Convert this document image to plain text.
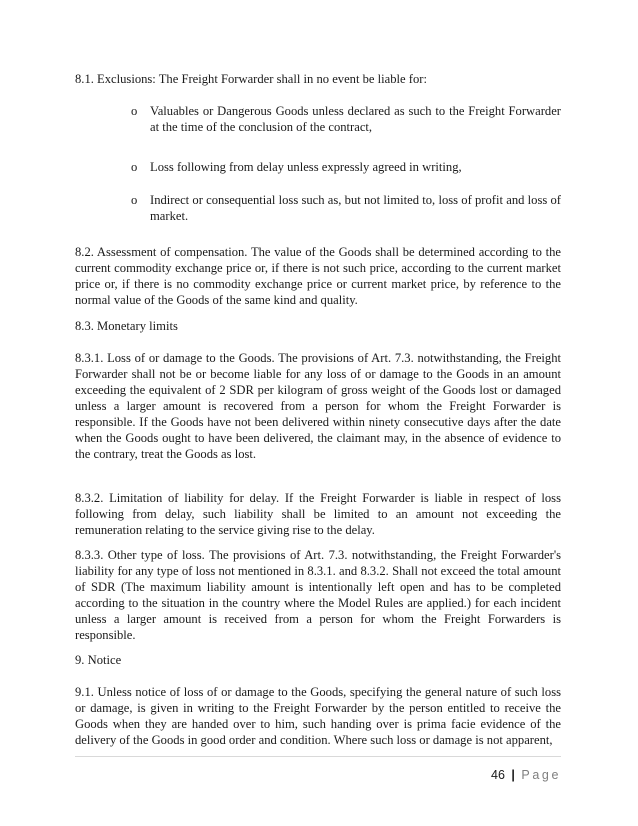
8.1. Exclusions: The Freight Forwarder shall in no event be liable for:

o Valuables or Dangerous Goods unless declared as such to the Freight Forwarder at the time of the conclusion of the contract,
o Loss following from delay unless expressly agreed in writing,
o Indirect or consequential loss such as, but not limited to, loss of profit and loss of market.

8.2. Assessment of compensation. The value of the Goods shall be determined according to the current commodity exchange price or, if there is not such price, according to the current market price or, if there is no commodity exchange price or current market price, by reference to the normal value of the Goods of the same kind and quality.

8.3. Monetary limits

8.3.1. Loss of or damage to the Goods. The provisions of Art. 7.3. notwithstanding, the Freight Forwarder shall not be or become liable for any loss of or damage to the Goods in an amount exceeding the equivalent of 2 SDR per kilogram of gross weight of the Goods lost or damaged unless a larger amount is recovered from a person for whom the Freight Forwarder is responsible. If the Goods have not been delivered within ninety consecutive days after the date when the Goods ought to have been delivered, the claimant may, in the absence of evidence to the contrary, treat the Goods as lost.

8.3.2. Limitation of liability for delay. If the Freight Forwarder is liable in respect of loss following from delay, such liability shall be limited to an amount not exceeding the remuneration relating to the service giving rise to the delay.

8.3.3. Other type of loss. The provisions of Art. 7.3. notwithstanding, the Freight Forwarder's liability for any type of loss not mentioned in 8.3.1. and 8.3.2. Shall not exceed the total amount of SDR (The maximum liability amount is intentionally left open and has to be completed according to the situation in the country where the Model Rules are applied.) for each incident unless a larger amount is received from a person for whom the Freight Forwarders is responsible.

9. Notice

9.1. Unless notice of loss of or damage to the Goods, specifying the general nature of such loss or damage, is given in writing to the Freight Forwarder by the person entitled to receive the Goods when they are handed over to him, such handing over is prima facie evidence of the delivery of the Goods in good order and condition. Where such loss or damage is not apparent,

46 | Page
